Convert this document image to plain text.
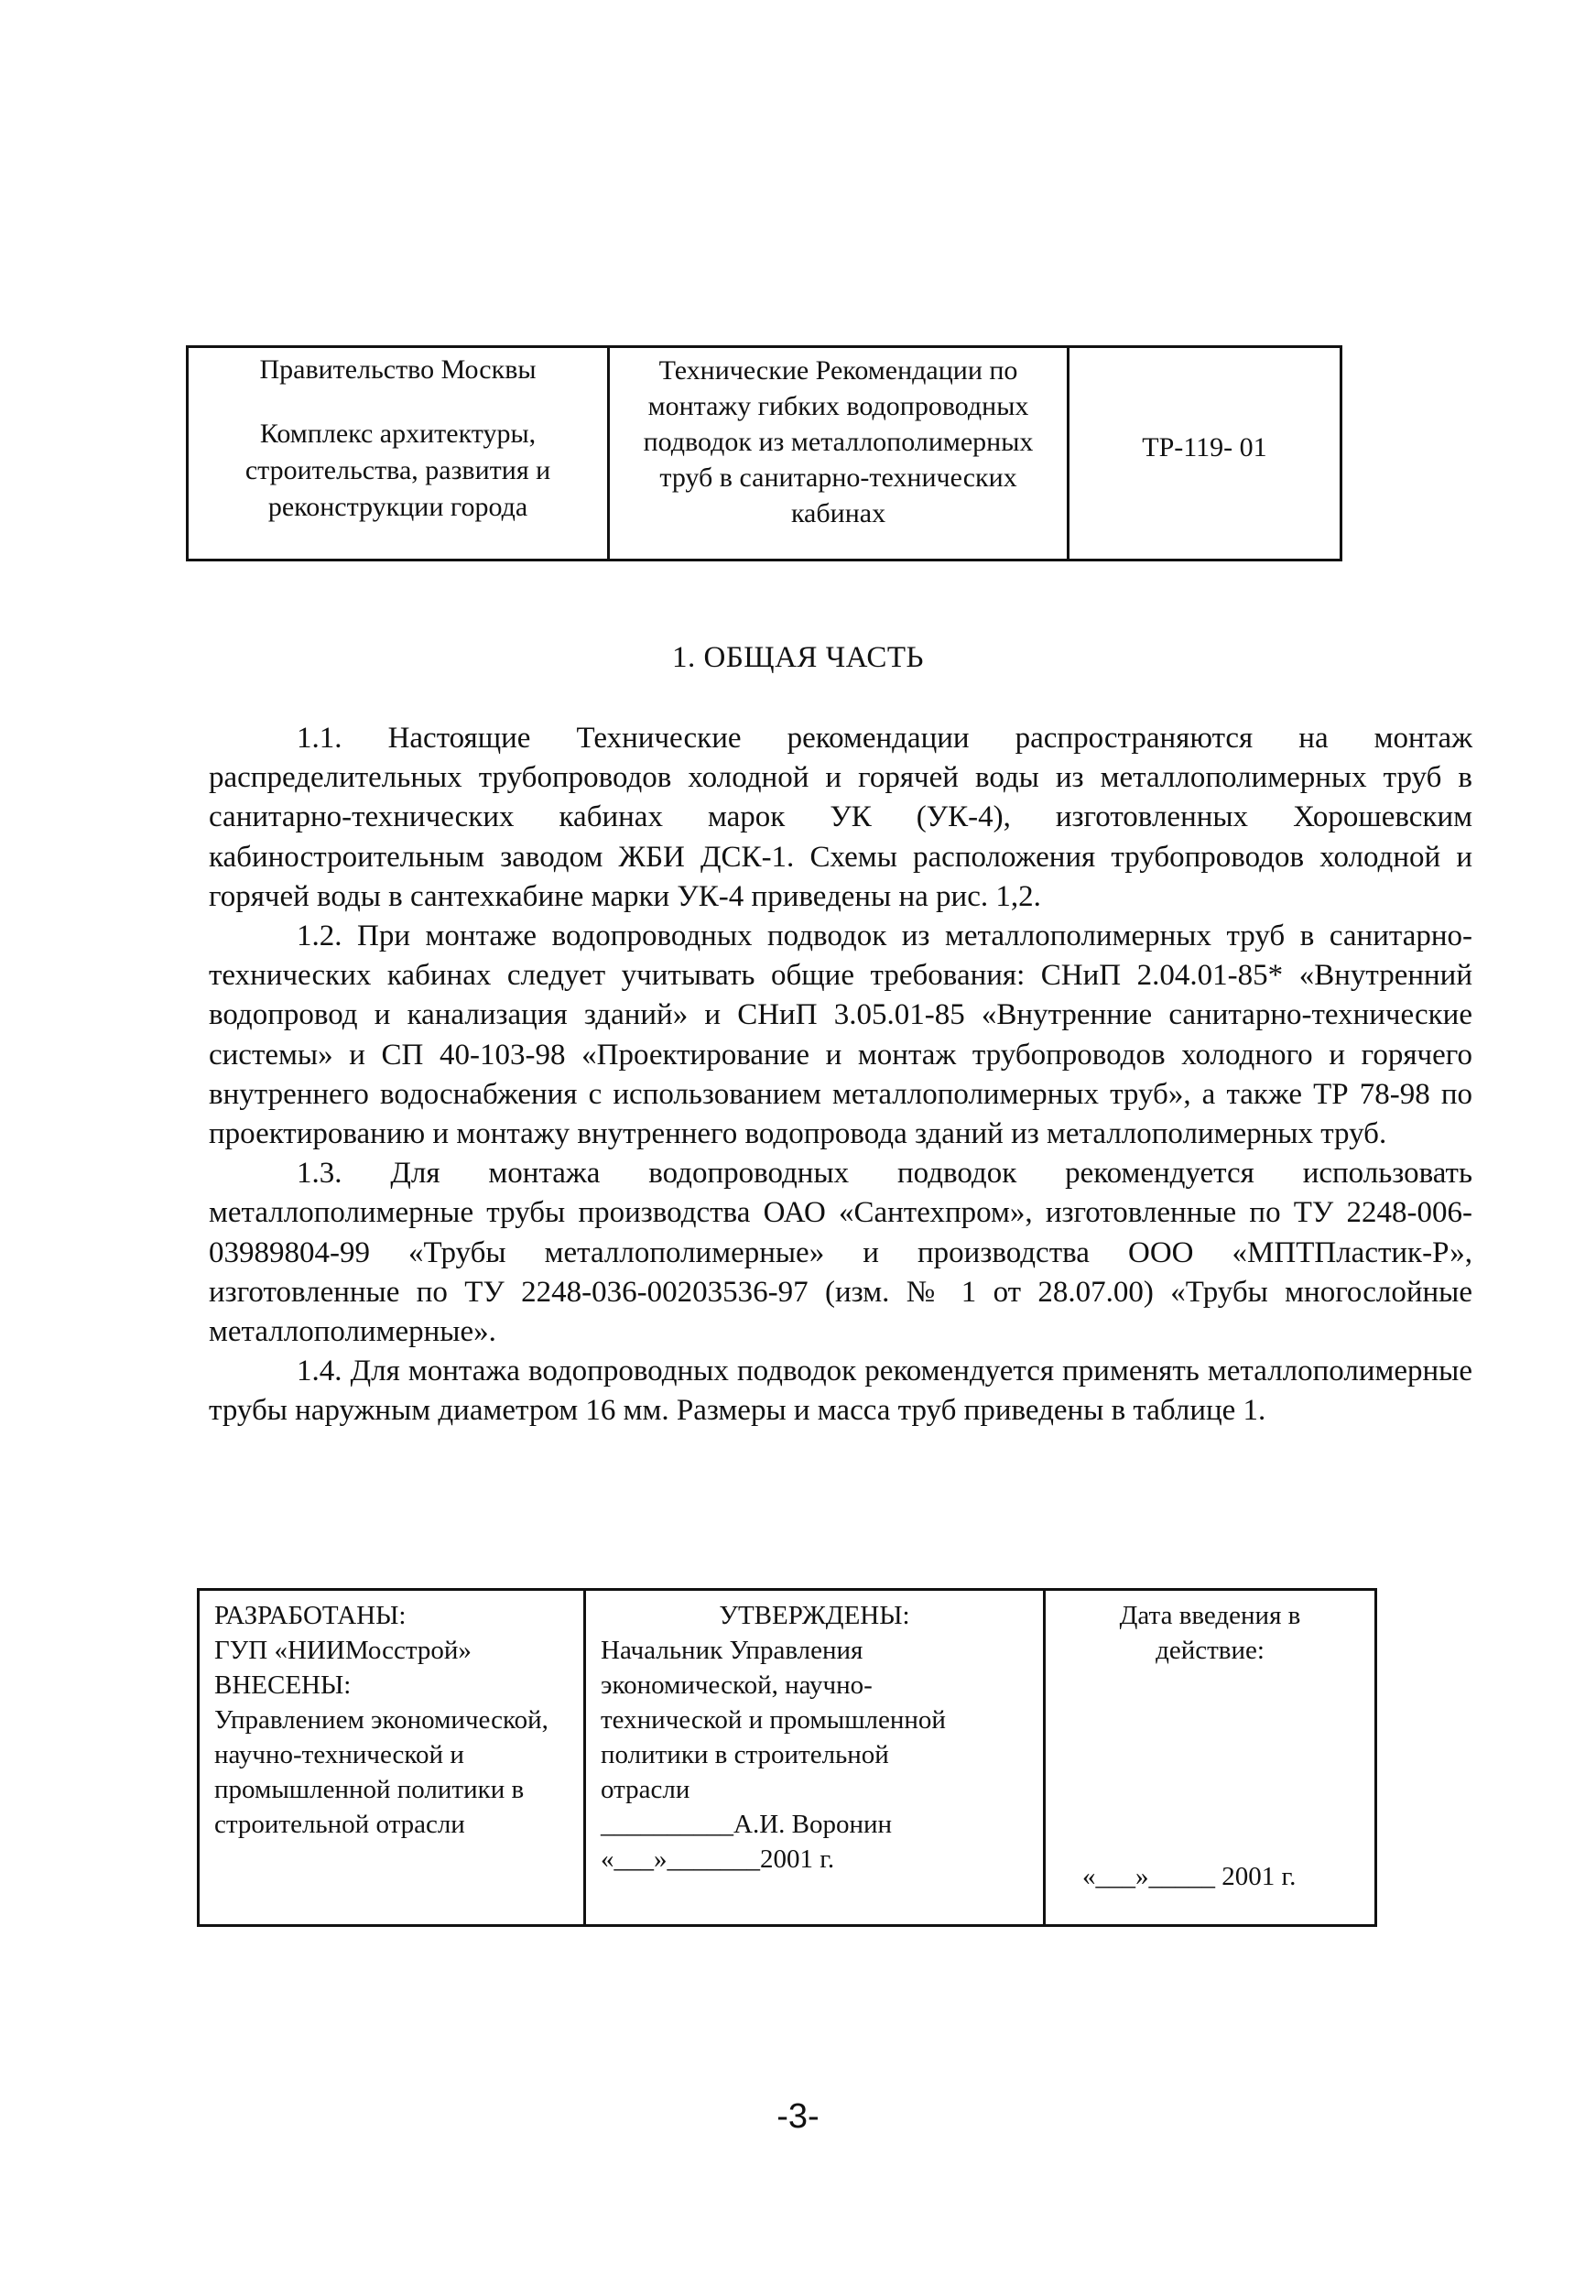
Правительство Москвы
Комплекс архитектуры, строительства, развития и реконструкции города
Технические Рекомендации по монтажу гибких водопроводных подводок из металлополимерных труб в санитарно-технических кабинах
ТР-119- 01
1. ОБЩАЯ ЧАСТЬ

1.1. Настоящие Технические рекомендации распространяются на монтаж распределительных трубопроводов холодной и горячей воды из металлополимерных труб в санитарно-технических кабинах марок УК (УК-4), изготовленных Хорошевским кабиностроительным заводом ЖБИ ДСК-1. Схемы расположения трубопроводов холодной и горячей воды в сантехкабине марки УК-4 приведены на рис. 1,2.

1.2. При монтаже водопроводных подводок из металлополимерных труб в санитарно-технических кабинах следует учитывать общие требования: СНиП 2.04.01-85* «Внутренний водопровод и канализация зданий» и СНиП 3.05.01-85 «Внутренние санитарно-технические системы» и СП 40-103-98 «Проектирование и монтаж трубопроводов холодного и горячего внутреннего водоснабжения с использованием металлополимерных труб», а также ТР 78-98 по проектированию и монтажу внутреннего водопровода зданий из металлополимерных труб.

1.3. Для монтажа водопроводных подводок рекомендуется использовать металлополимерные трубы производства ОАО «Сантехпром», изготовленные по ТУ 2248-006-03989804-99 «Трубы металлополимерные» и производства ООО «МПТПластик-Р», изготовленные по ТУ 2248-036-00203536-97 (изм. № 1 от 28.07.00) «Трубы многослойные металлополимерные».

1.4. Для монтажа водопроводных подводок рекомендуется применять металлополимерные трубы наружным диаметром 16 мм. Размеры и масса труб приведены в таблице 1.

РАЗРАБОТАНЫ:
ГУП «НИИМосстрой»
ВНЕСЕНЫ:
Управлением экономической, научно-технической и промышленной политики в строительной отрасли
УТВЕРЖДЕНЫ:
Начальник Управления экономической, научно-технической и промышленной политики в строительной отрасли
__________А.И. Воронин
«___»_______2001 г.
Дата введения в действие:
«___»_____ 2001 г.
-3-
